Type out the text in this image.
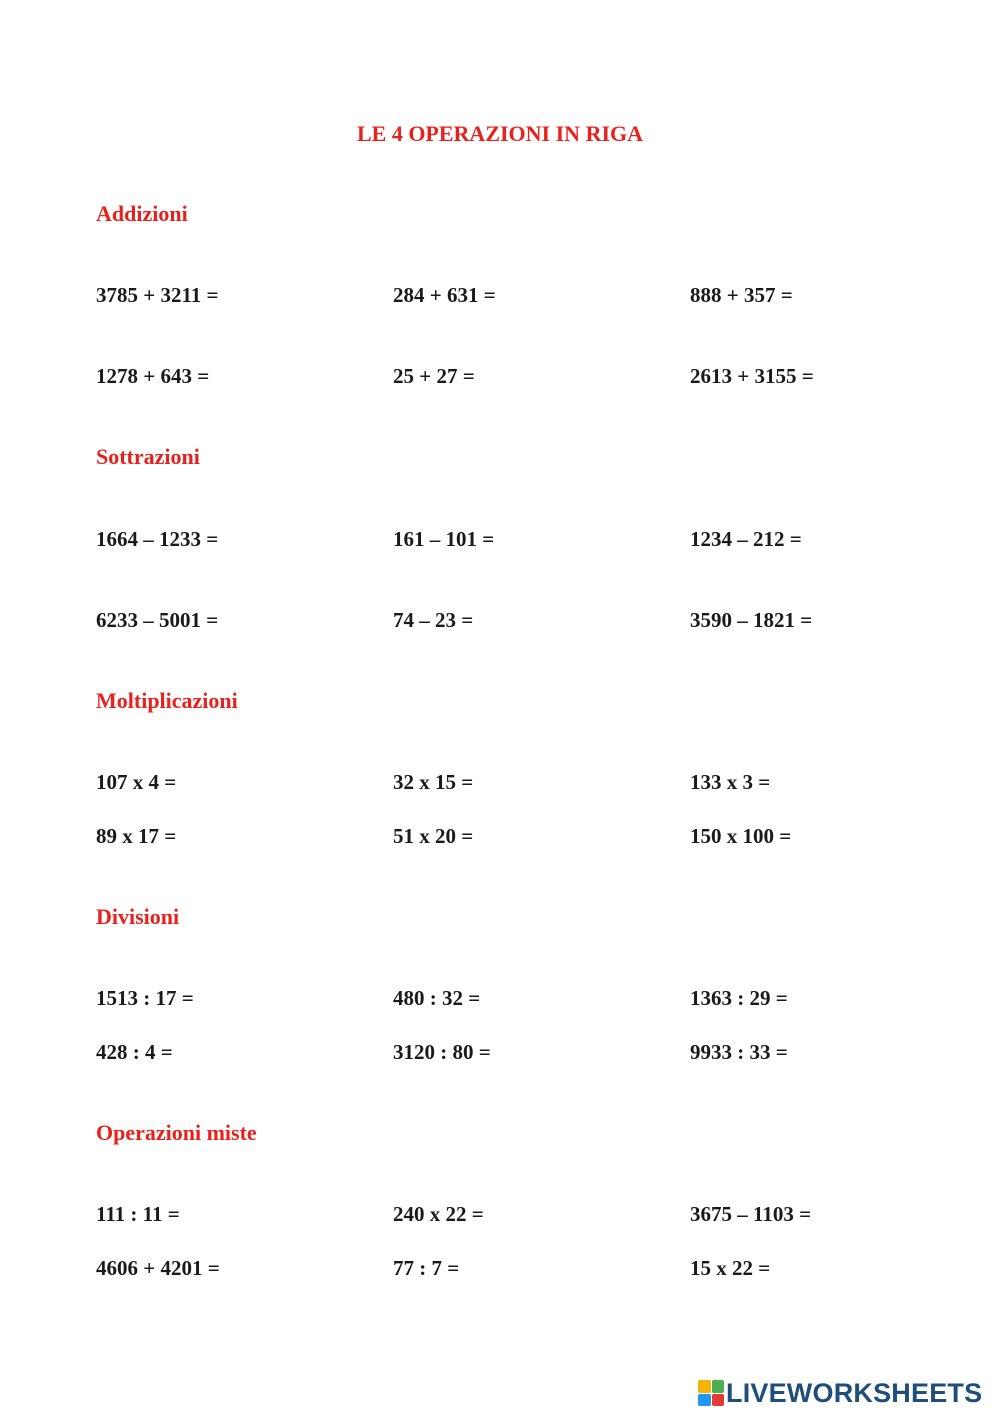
LE 4 OPERAZIONI IN RIGA
Addizioni
3785 + 3211 =	284 + 631 =	888 + 357 =
1278 + 643 =	25 + 27 =	2613 + 3155 =
Sottrazioni
1664 – 1233 =	161 – 101 =	1234 – 212 =
6233 – 5001 =	74 – 23 =	3590 – 1821 =
Moltiplicazioni
107 x 4 =	32 x 15 =	133 x 3 =
89 x 17 =	51 x 20 =	150 x 100 =
Divisioni
1513 : 17 =	480 : 32 =	1363 : 29 =
428 : 4 =	3120 : 80 =	9933 : 33 =
Operazioni miste
111 : 11 =	240 x 22 =	3675 – 1103 =
4606 + 4201 =	77 : 7 =	15 x 22 =
LIVEWORKSHEETS
